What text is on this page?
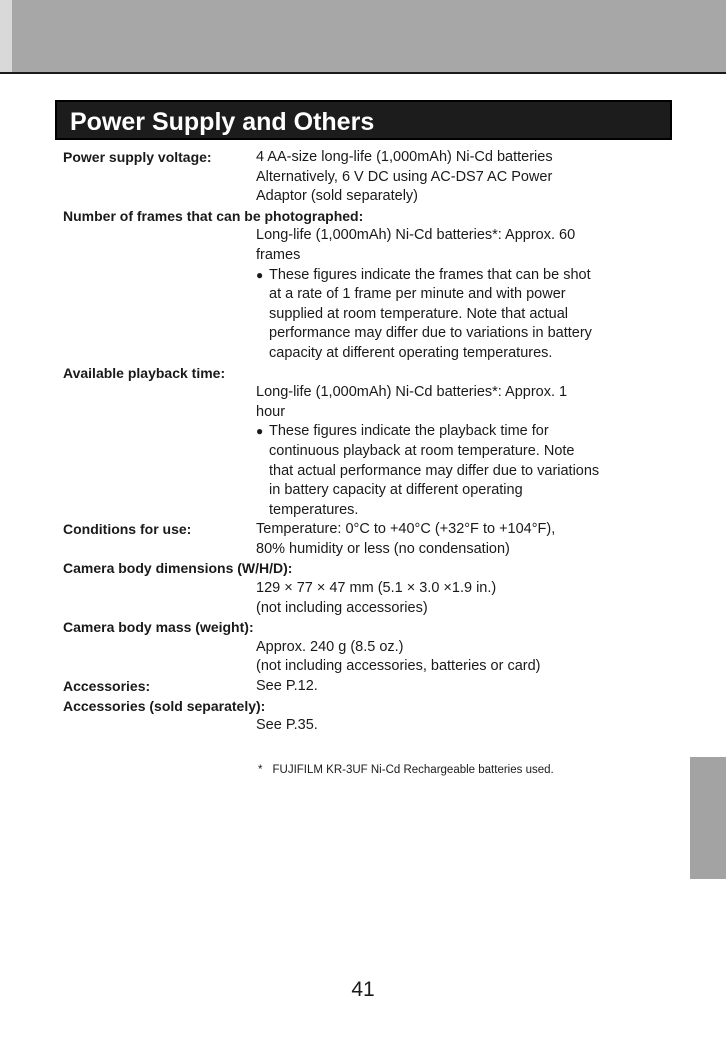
Power Supply and Others
Power supply voltage:	4 AA-size long-life (1,000mAh) Ni-Cd batteries
Alternatively, 6 V DC using AC-DS7 AC Power
Adaptor (sold separately)
Number of frames that can be photographed:
Long-life (1,000mAh) Ni-Cd batteries*: Approx. 60
frames
● These figures indicate the frames that can be shot
at a rate of 1 frame per minute and with power
supplied at room temperature. Note that actual
performance may differ due to variations in battery
capacity at different operating temperatures.
Available playback time:
Long-life (1,000mAh) Ni-Cd batteries*: Approx. 1
hour
● These figures indicate the playback time for
continuous playback at room temperature. Note
that actual performance may differ due to variations
in battery capacity at different operating
temperatures.
Conditions for use:	Temperature: 0°C to +40°C (+32°F to +104°F),
80% humidity or less (no condensation)
Camera body dimensions (W/H/D):
129 × 77 × 47 mm (5.1 × 3.0 ×1.9 in.)
(not including accessories)
Camera body mass (weight):
Approx. 240 g (8.5 oz.)
(not including accessories, batteries or card)
Accessories:	See P.12.
Accessories (sold separately):
See P.35.
* FUJIFILM KR-3UF Ni-Cd Rechargeable batteries used.
41
